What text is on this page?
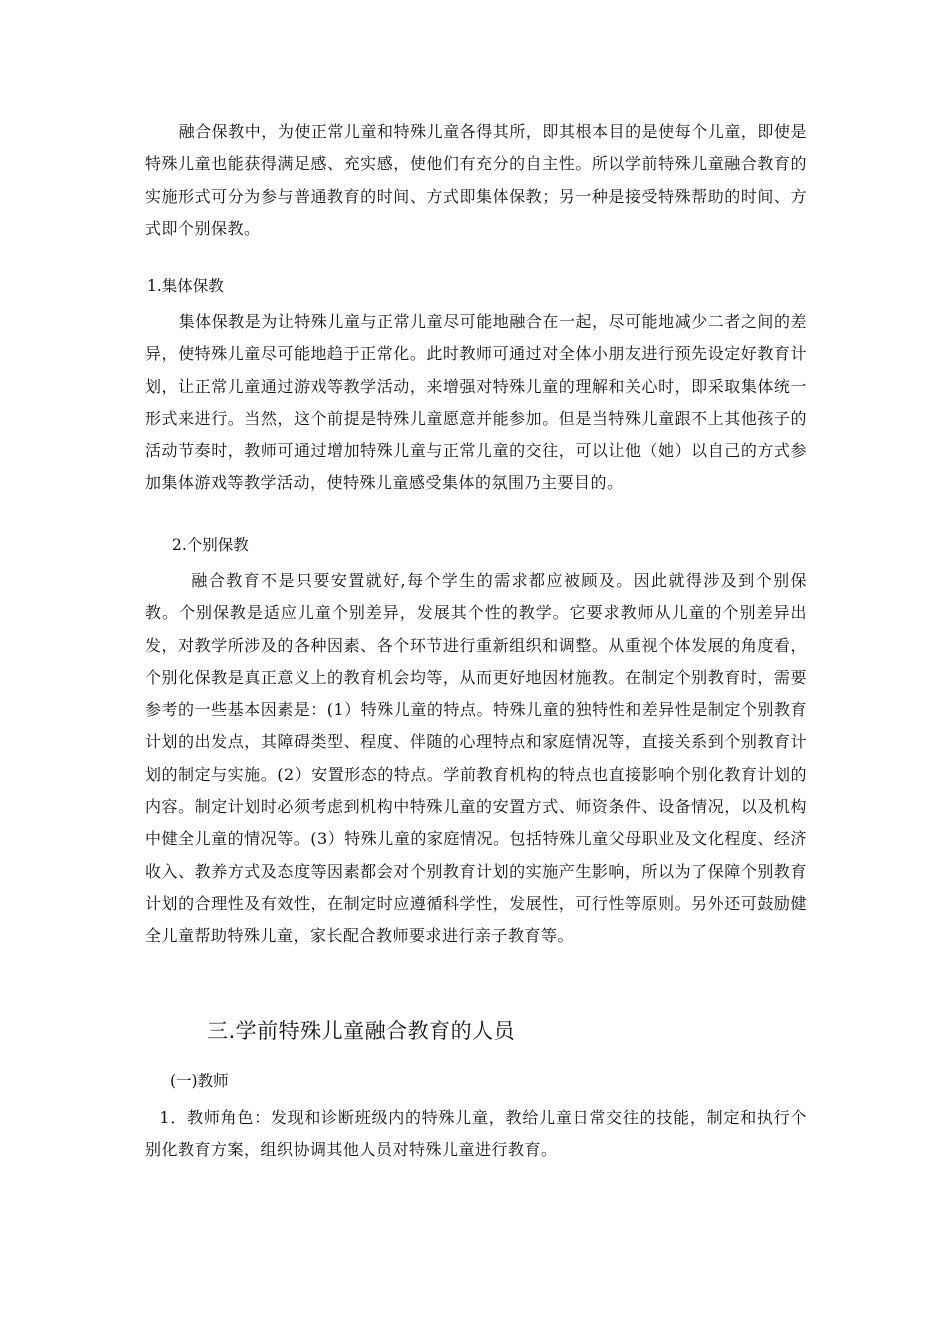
融合保教中，为使正常儿童和特殊儿童各得其所，即其根本目的是使每个儿童，即使是特殊儿童也能获得满足感、充实感，使他们有充分的自主性。所以学前特殊儿童融合教育的实施形式可分为参与普通教育的时间、方式即集体保教；另一种是接受特殊帮助的时间、方式即个别保教。

1.集体保教

集体保教是为让特殊儿童与正常儿童尽可能地融合在一起，尽可能地减少二者之间的差异，使特殊儿童尽可能地趋于正常化。此时教师可通过对全体小朋友进行预先设定好教育计划，让正常儿童通过游戏等教学活动，来增强对特殊儿童的理解和关心时，即采取集体统一形式来进行。当然，这个前提是特殊儿童愿意并能参加。但是当特殊儿童跟不上其他孩子的活动节奏时，教师可通过增加特殊儿童与正常儿童的交往，可以让他（她）以自己的方式参加集体游戏等教学活动，使特殊儿童感受集体的氛围乃主要目的。

2.个别保教

融合教育不是只要安置就好,每个学生的需求都应被顾及。因此就得涉及到个别保教。个别保教是适应儿童个别差异，发展其个性的教学。它要求教师从儿童的个别差异出发，对教学所涉及的各种因素、各个环节进行重新组织和调整。从重视个体发展的角度看，个别化保教是真正意义上的教育机会均等，从而更好地因材施教。在制定个别教育时，需要参考的一些基本因素是：(1）特殊儿童的特点。特殊儿童的独特性和差异性是制定个别教育计划的出发点，其障碍类型、程度、伴随的心理特点和家庭情况等，直接关系到个别教育计划的制定与实施。(2）安置形态的特点。学前教育机构的特点也直接影响个别化教育计划的内容。制定计划时必须考虑到机构中特殊儿童的安置方式、师资条件、设备情况，以及机构中健全儿童的情况等。(3）特殊儿童的家庭情况。包括特殊儿童父母职业及文化程度、经济收入、教养方式及态度等因素都会对个别教育计划的实施产生影响，所以为了保障个别教育计划的合理性及有效性，在制定时应遵循科学性，发展性，可行性等原则。另外还可鼓励健全儿童帮助特殊儿童，家长配合教师要求进行亲子教育等。

三.学前特殊儿童融合教育的人员
(一)教师

1．教师角色：发现和诊断班级内的特殊儿童，教给儿童日常交往的技能，制定和执行个别化教育方案，组织协调其他人员对特殊儿童进行教育。
